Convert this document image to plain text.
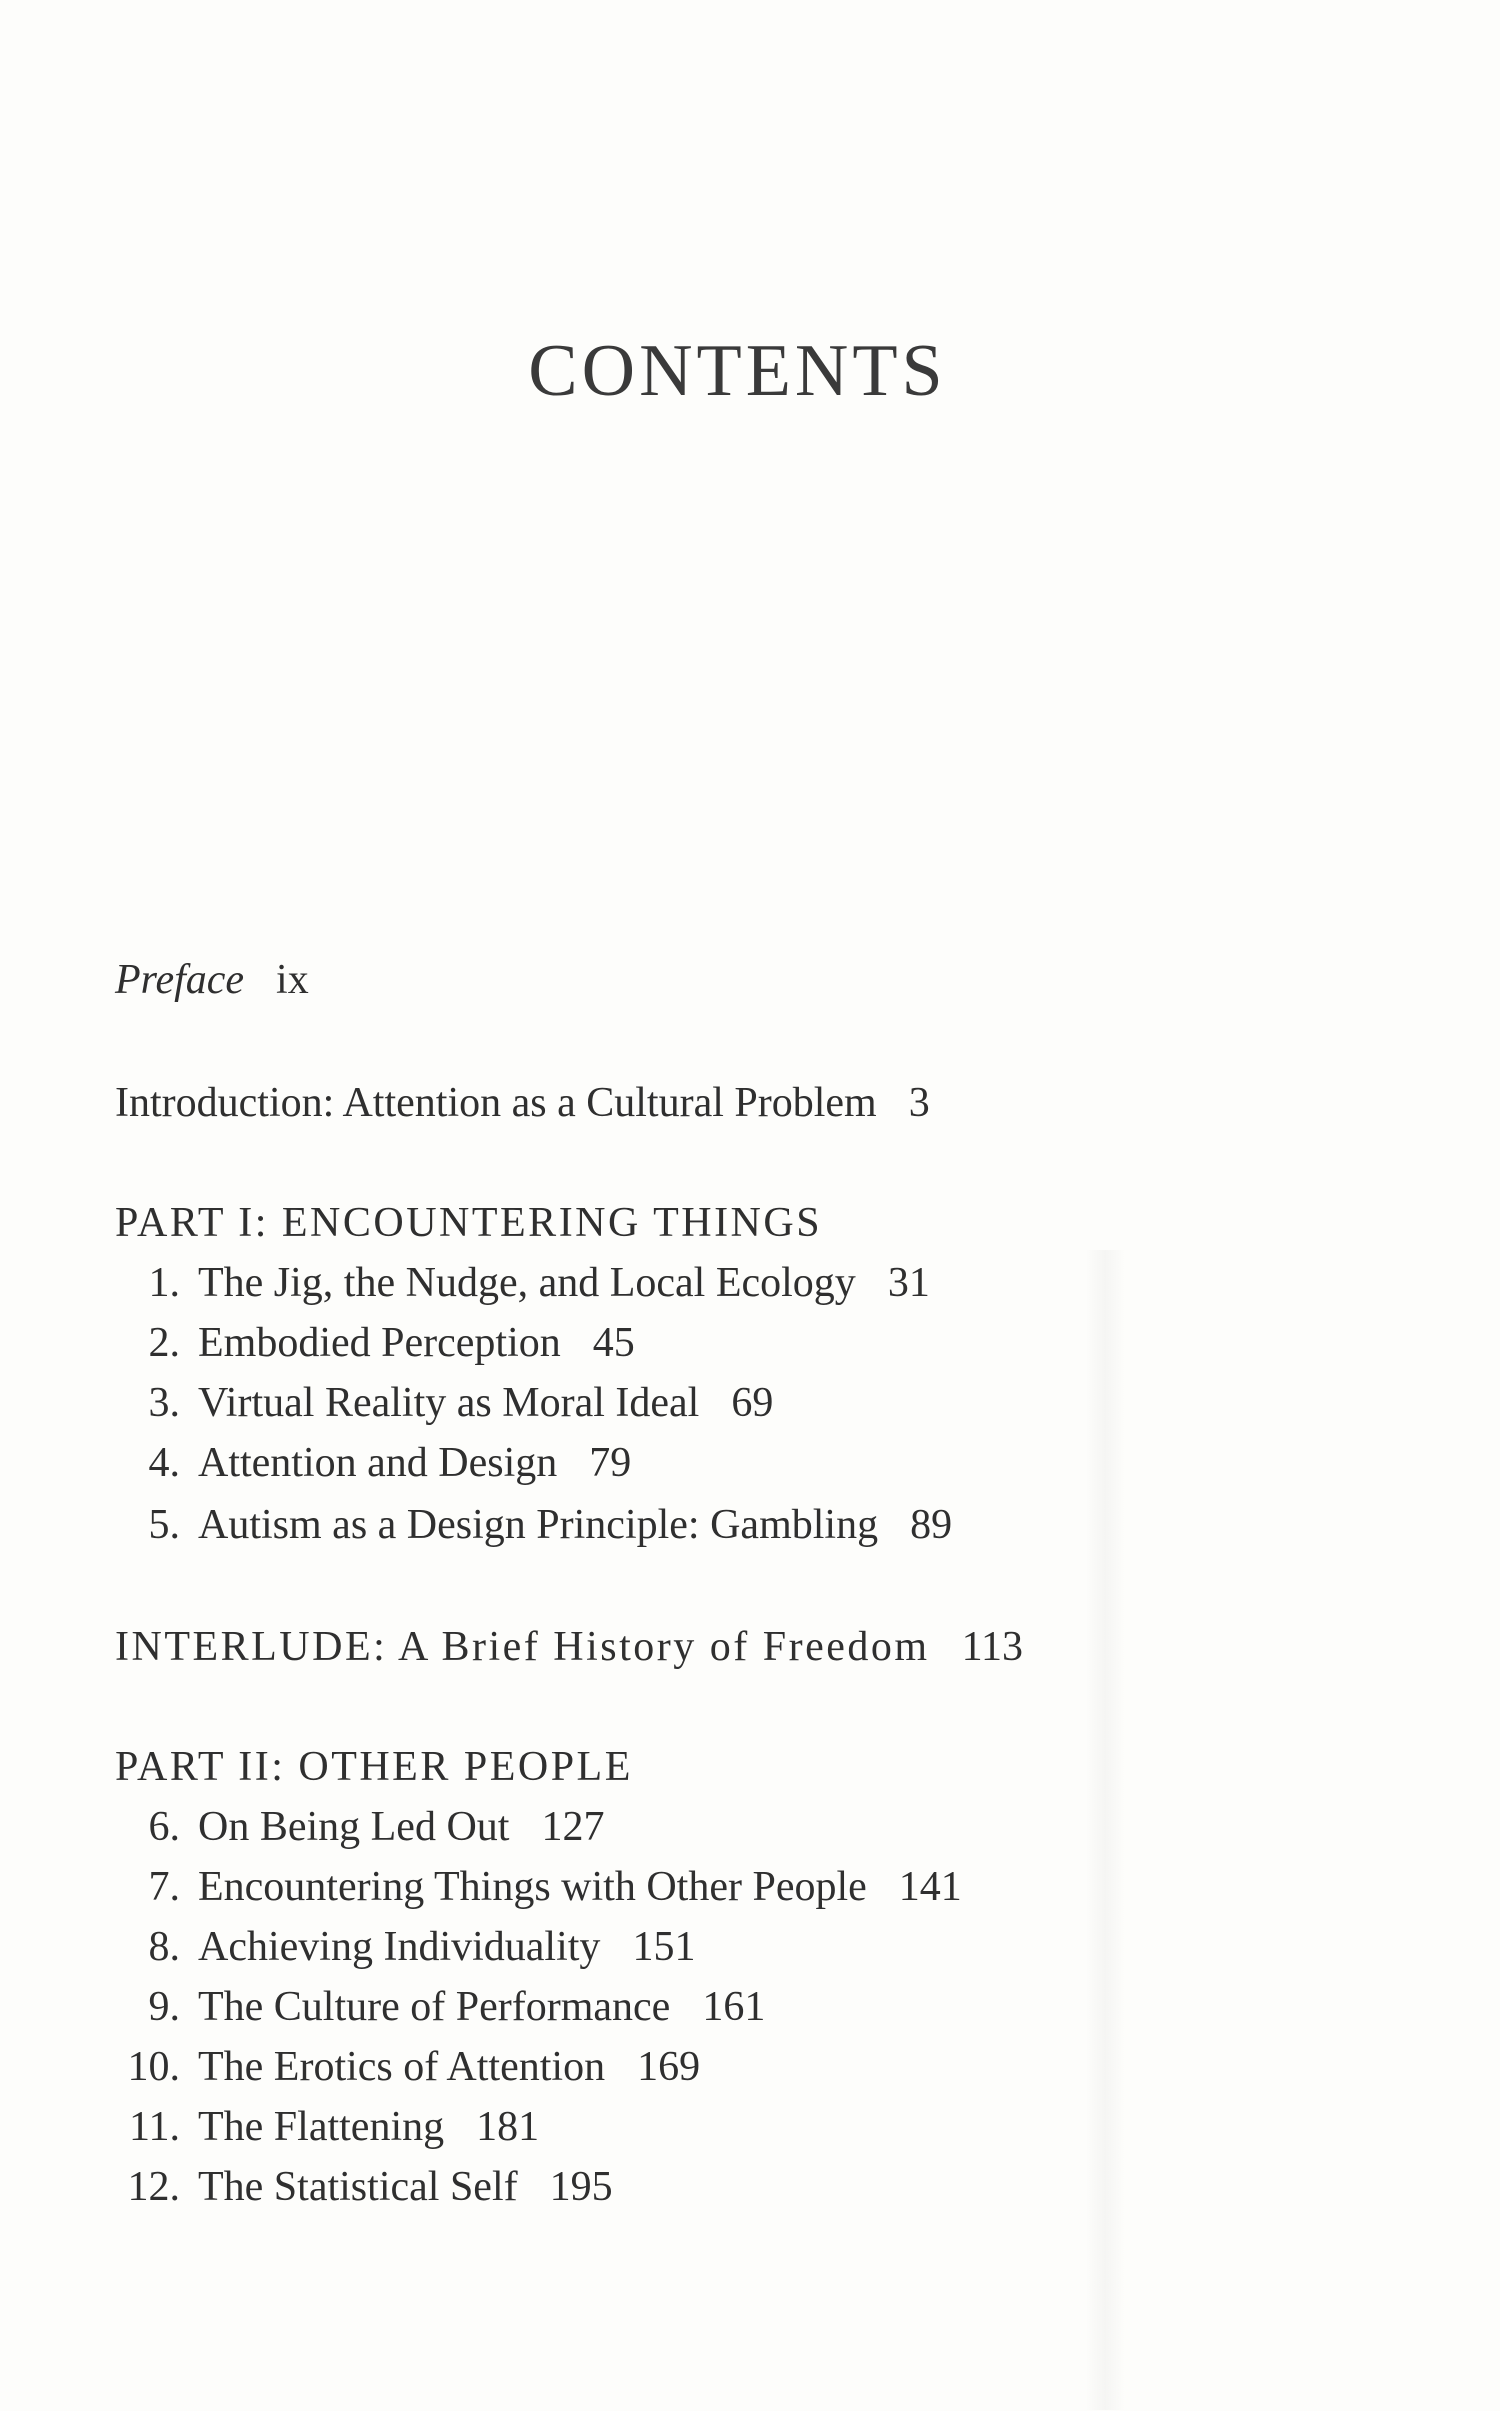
CONTENTS
Preface ix
Introduction: Attention as a Cultural Problem 3
PART I: ENCOUNTERING THINGS
1. The Jig, the Nudge, and Local Ecology 31
2. Embodied Perception 45
3. Virtual Reality as Moral Ideal 69
4. Attention and Design 79
5. Autism as a Design Principle: Gambling 89
INTERLUDE: A Brief History of Freedom 113
PART II: OTHER PEOPLE
6. On Being Led Out 127
7. Encountering Things with Other People 141
8. Achieving Individuality 151
9. The Culture of Performance 161
10. The Erotics of Attention 169
11. The Flattening 181
12. The Statistical Self 195
